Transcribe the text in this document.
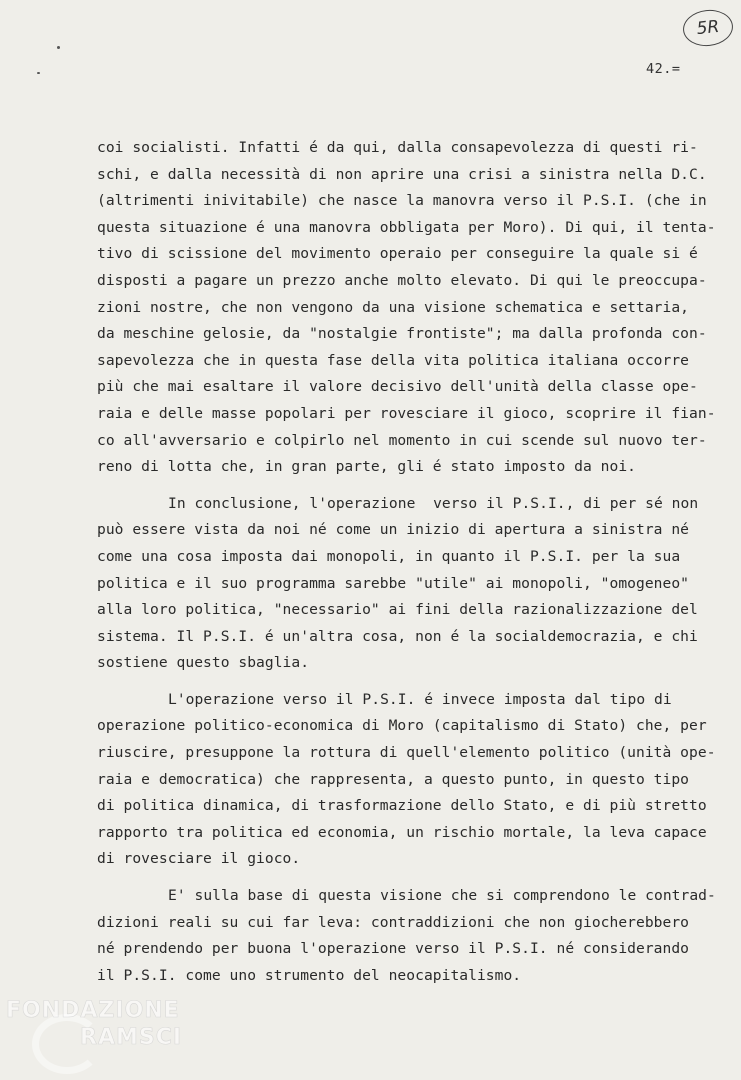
5R
42.=
coi socialisti. Infatti é da qui, dalla consapevolezza di questi ri-
schi, e dalla necessità di non aprire una crisi a sinistra nella D.C.
(altrimenti inivitabile) che nasce la manovra verso il P.S.I. (che in
questa situazione é una manovra obbligata per Moro). Di qui, il tenta-
tivo di scissione del movimento operaio per conseguire la quale si é
disposti a pagare un prezzo anche molto elevato. Di qui le preoccupa-
zioni nostre, che non vengono da una visione schematica e settaria,
da meschine gelosie, da "nostalgie frontiste"; ma dalla profonda con-
sapevolezza che in questa fase della vita politica italiana occorre
più che mai esaltare il valore decisivo dell'unità della classe ope-
raia e delle masse popolari per rovesciare il gioco, scoprire il fian-
co all'avversario e colpirlo nel momento in cui scende sul nuovo ter-
reno di lotta che, in gran parte, gli é stato imposto da noi.
In conclusione, l'operazione  verso il P.S.I., di per sé non
può essere vista da noi né come un inizio di apertura a sinistra né
come una cosa imposta dai monopoli, in quanto il P.S.I. per la sua
politica e il suo programma sarebbe "utile" ai monopoli, "omogeneo"
alla loro politica, "necessario" ai fini della razionalizzazione del
sistema. Il P.S.I. é un'altra cosa, non é la socialdemocrazia, e chi
sostiene questo sbaglia.
L'operazione verso il P.S.I. é invece imposta dal tipo di
operazione politico-economica di Moro (capitalismo di Stato) che, per
riuscire, presuppone la rottura di quell'elemento politico (unità ope-
raia e democratica) che rappresenta, a questo punto, in questo tipo
di politica dinamica, di trasformazione dello Stato, e di più stretto
rapporto tra politica ed economia, un rischio mortale, la leva capace
di rovesciare il gioco.
E' sulla base di questa visione che si comprendono le contrad-
dizioni reali su cui far leva: contraddizioni che non giocherebbero
né prendendo per buona l'operazione verso il P.S.I. né considerando
il P.S.I. come uno strumento del neocapitalismo.
FONDAZIONE
RAMSCI
